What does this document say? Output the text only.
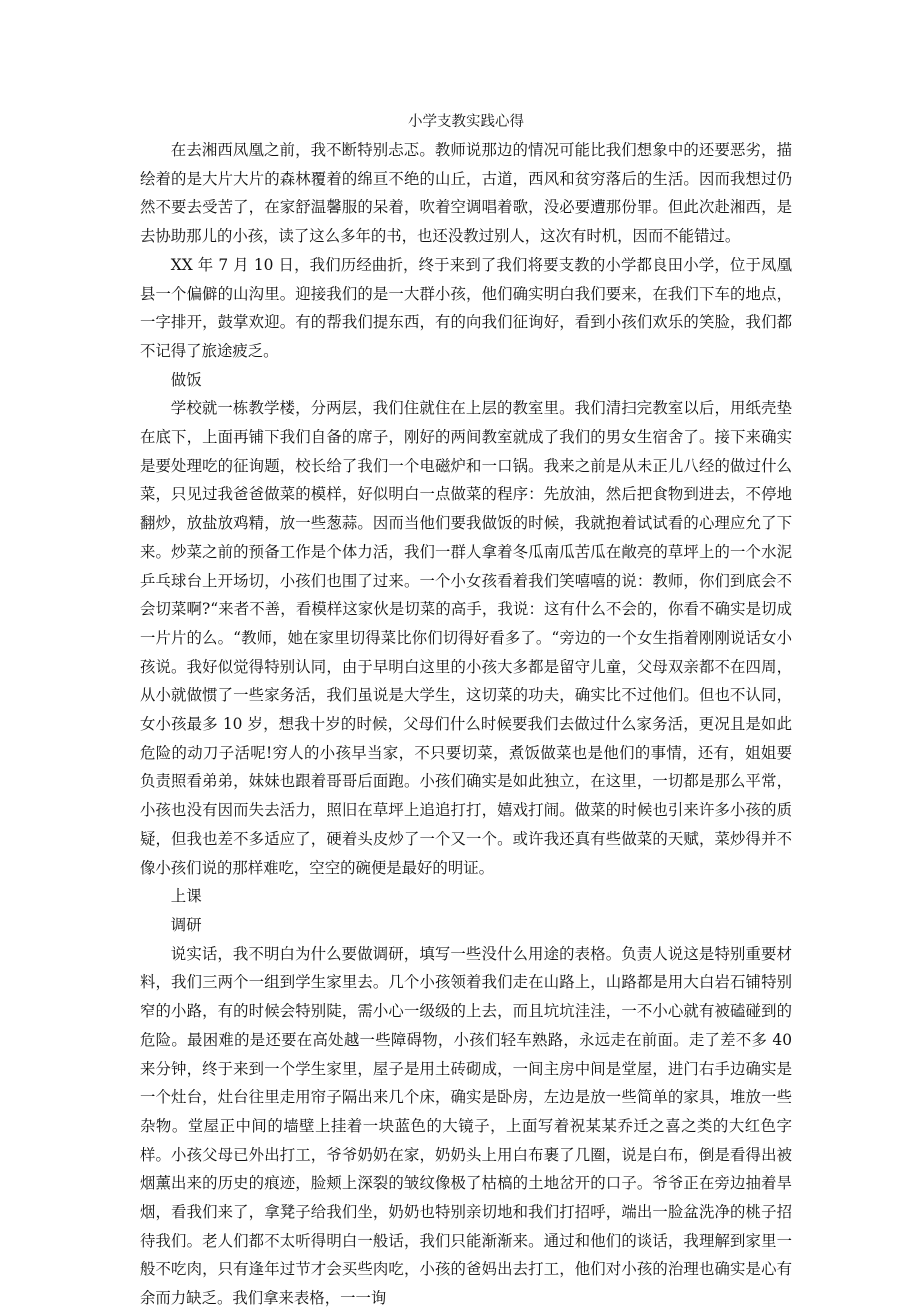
小学支教实践心得

在去湘西凤凰之前，我不断特别忐忑。教师说那边的情况可能比我们想象中的还要恶劣，描绘着的是大片大片的森林覆着的绵亘不绝的山丘，古道，西风和贫穷落后的生活。因而我想过仍然不要去受苦了，在家舒温馨服的呆着，吹着空调唱着歌，没必要遭那份罪。但此次赴湘西，是去协助那儿的小孩，读了这么多年的书，也还没教过别人，这次有时机，因而不能错过。

XX 年 7 月 10 日，我们历经曲折，终于来到了我们将要支教的小学都良田小学，位于凤凰县一个偏僻的山沟里。迎接我们的是一大群小孩，他们确实明白我们要来，在我们下车的地点，一字排开，鼓掌欢迎。有的帮我们提东西，有的向我们征询好，看到小孩们欢乐的笑脸，我们都不记得了旅途疲乏。

做饭

学校就一栋教学楼，分两层，我们住就住在上层的教室里。我们清扫完教室以后，用纸壳垫在底下，上面再铺下我们自备的席子，刚好的两间教室就成了我们的男女生宿舍了。接下来确实是要处理吃的征询题，校长给了我们一个电磁炉和一口锅。我来之前是从未正儿八经的做过什么菜，只见过我爸爸做菜的模样，好似明白一点做菜的程序：先放油，然后把食物到进去，不停地翻炒，放盐放鸡精，放一些葱蒜。因而当他们要我做饭的时候，我就抱着试试看的心理应允了下来。炒菜之前的预备工作是个体力活，我们一群人拿着冬瓜南瓜苦瓜在敞亮的草坪上的一个水泥乒乓球台上开场切，小孩们也围了过来。一个小女孩看着我们笑嘻嘻的说：教师，你们到底会不会切菜啊?“来者不善，看模样这家伙是切菜的高手，我说：这有什么不会的，你看不确实是切成一片片的么。“教师，她在家里切得菜比你们切得好看多了。“旁边的一个女生指着刚刚说话女小孩说。我好似觉得特别认同，由于早明白这里的小孩大多都是留守儿童，父母双亲都不在四周，从小就做惯了一些家务活，我们虽说是大学生，这切菜的功夫，确实比不过他们。但也不认同，女小孩最多 10 岁，想我十岁的时候，父母们什么时候要我们去做过什么家务活，更况且是如此危险的动刀子活呢!穷人的小孩早当家，不只要切菜，煮饭做菜也是他们的事情，还有，姐姐要负责照看弟弟，妹妹也跟着哥哥后面跑。小孩们确实是如此独立，在这里，一切都是那么平常，小孩也没有因而失去活力，照旧在草坪上追追打打，嬉戏打闹。做菜的时候也引来许多小孩的质疑，但我也差不多适应了，硬着头皮炒了一个又一个。或许我还真有些做菜的天赋，菜炒得并不像小孩们说的那样难吃，空空的碗便是最好的明证。

上课

调研

说实话，我不明白为什么要做调研，填写一些没什么用途的表格。负责人说这是特别重要材料，我们三两个一组到学生家里去。几个小孩领着我们走在山路上，山路都是用大白岩石铺特别窄的小路，有的时候会特别陡，需小心一级级的上去，而且坑坑洼洼，一不小心就有被磕碰到的危险。最困难的是还要在高处越一些障碍物，小孩们轻车熟路，永远走在前面。走了差不多 40 来分钟，终于来到一个学生家里，屋子是用土砖砌成，一间主房中间是堂屋，进门右手边确实是一个灶台，灶台往里走用帘子隔出来几个床，确实是卧房，左边是放一些简单的家具，堆放一些杂物。堂屋正中间的墙壁上挂着一块蓝色的大镜子，上面写着祝某某乔迁之喜之类的大红色字样。小孩父母已外出打工，爷爷奶奶在家，奶奶头上用白布裹了几圈，说是白布，倒是看得出被烟薰出来的历史的痕迹，脸颊上深裂的皱纹像极了枯槁的土地岔开的口子。爷爷正在旁边抽着旱烟，看我们来了，拿凳子给我们坐，奶奶也特别亲切地和我们打招呼，端出一脸盆洗净的桃子招待我们。老人们都不太听得明白一般话，我们只能渐渐来。通过和他们的谈话，我理解到家里一般不吃肉，只有逢年过节才会买些肉吃，小孩的爸妈出去打工，他们对小孩的治理也确实是心有余而力缺乏。我们拿来表格，一一询
